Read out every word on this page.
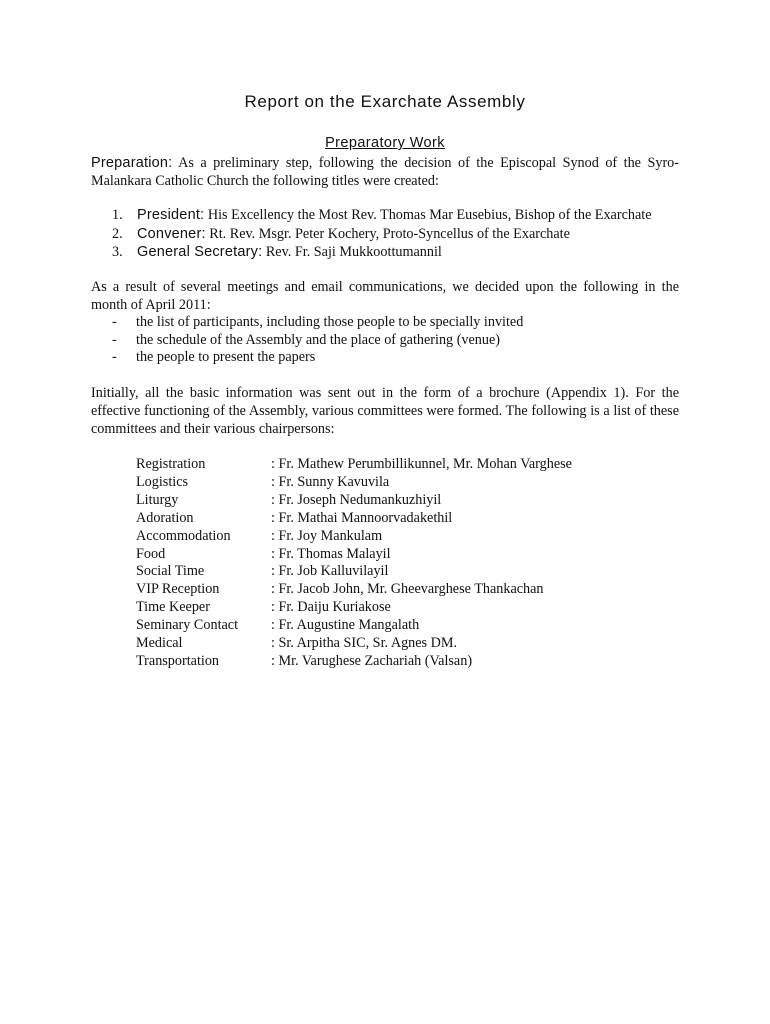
Report on the Exarchate Assembly
Preparatory Work
Preparation: As a preliminary step, following the decision of the Episcopal Synod of the Syro-Malankara Catholic Church the following titles were created:
1. President: His Excellency the Most Rev. Thomas Mar Eusebius, Bishop of the Exarchate
2. Convener: Rt. Rev. Msgr. Peter Kochery, Proto-Syncellus of the Exarchate
3. General Secretary: Rev. Fr. Saji Mukkoottumannil
As a result of several meetings and email communications, we decided upon the following in the month of April 2011:
- the list of participants, including those people to be specially invited
- the schedule of the Assembly and the place of gathering (venue)
- the people to present the papers
Initially, all the basic information was sent out in the form of a brochure (Appendix 1). For the effective functioning of the Assembly, various committees were formed. The following is a list of these committees and their various chairpersons:
Registration	: Fr. Mathew Perumbillikunnel, Mr. Mohan Varghese
Logistics	: Fr. Sunny Kavuvila
Liturgy	: Fr. Joseph Nedumankuzhiyil
Adoration	: Fr. Mathai Mannoorvadakethil
Accommodation	: Fr. Joy Mankulam
Food	: Fr. Thomas Malayil
Social Time	: Fr. Job Kalluvilayil
VIP Reception	: Fr. Jacob John, Mr. Gheevarghese Thankachan
Time Keeper	: Fr. Daiju Kuriakose
Seminary Contact : Fr. Augustine Mangalath
Medical	: Sr. Arpitha SIC, Sr. Agnes DM.
Transportation	: Mr. Varughese Zachariah (Valsan)
